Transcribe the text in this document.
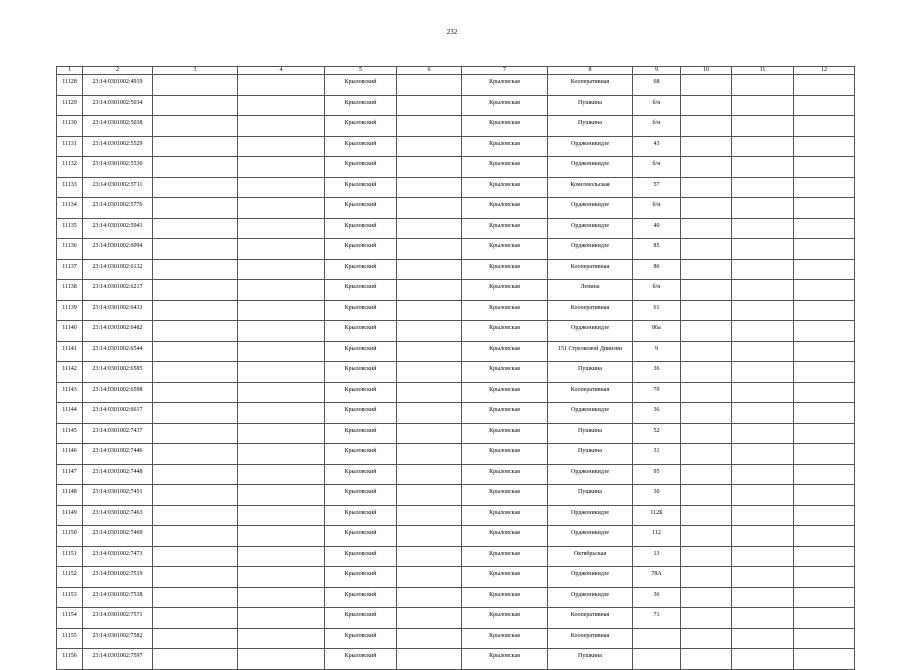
232
1	2	3	4	5	6	7	8	9	10	11	12
11128	23:14:0301002:4919			Крыловский		Крыловская	Кооперативная	68			
11129	23:14:0301002:5034			Крыловский		Крыловская	Пушкина	б/н			
11130	23:14:0301002:5038			Крыловский		Крыловская	Пушкина	б/н			
11131	23:14:0301002:5529			Крыловский		Крыловская	Орджоникидзе	43			
11132	23:14:0301002:5530			Крыловский		Крыловская	Орджоникидзе	б/н			
11133	23:14:0301002:5711			Крыловский		Крыловская	Комсомольская	57			
11134	23:14:0301002:5776			Крыловский		Крыловская	Орджоникидзе	б/н			
11135	23:14:0301002:5941			Крыловский		Крыловская	Орджоникидзе	40			
11136	23:14:0301002:6094			Крыловский		Крыловская	Орджоникидзе	85			
11137	23:14:0301002:6132			Крыловский		Крыловская	Кооперативная	86			
11138	23:14:0301002:6217			Крыловский		Крыловская	Ленина	б/н			
11139	23:14:0301002:6433			Крыловский		Крыловская	Кооперативная	61			
11140	23:14:0301002:6482			Крыловский		Крыловская	Орджоникидзе	86а			
11141	23:14:0301002:6544			Крыловский		Крыловская	151 Стрелковой Дивизии	9			
11142	23:14:0301002:6585			Крыловский		Крыловская	Пушкина	36			
11143	23:14:0301002:6598			Крыловский		Крыловская	Кооперативная	70			
11144	23:14:0301002:6617			Крыловский		Крыловская	Орджоникидзе	36			
11145	23:14:0301002:7437			Крыловский		Крыловская	Пушкина	52			
11146	23:14:0301002:7446			Крыловский		Крыловская	Пушкина	31			
11147	23:14:0301002:7448			Крыловский		Крыловская	Орджоникидзе	95			
11148	23:14:0301002:7451			Крыловский		Крыловская	Пушкина	30			
11149	23:14:0301002:7463			Крыловский		Крыловская	Орджоникидзе	112Б			
11150	23:14:0301002:7469			Крыловский		Крыловская	Орджоникидзе	112			
11151	23:14:0301002:7473			Крыловский		Крыловская	Октябрьская	13			
11152	23:14:0301002:7519			Крыловский		Крыловская	Орджоникидзе	78А			
11153	23:14:0301002:7538			Крыловский		Крыловская	Орджоникидзе	36			
11154	23:14:0301002:7571			Крыловский		Крыловская	Кооперативная	71			
11155	23:14:0301002:7582			Крыловский		Крыловская	Кооперативная				
11156	23:14:0301002:7597			Крыловский		Крыловская	Пушкина				
